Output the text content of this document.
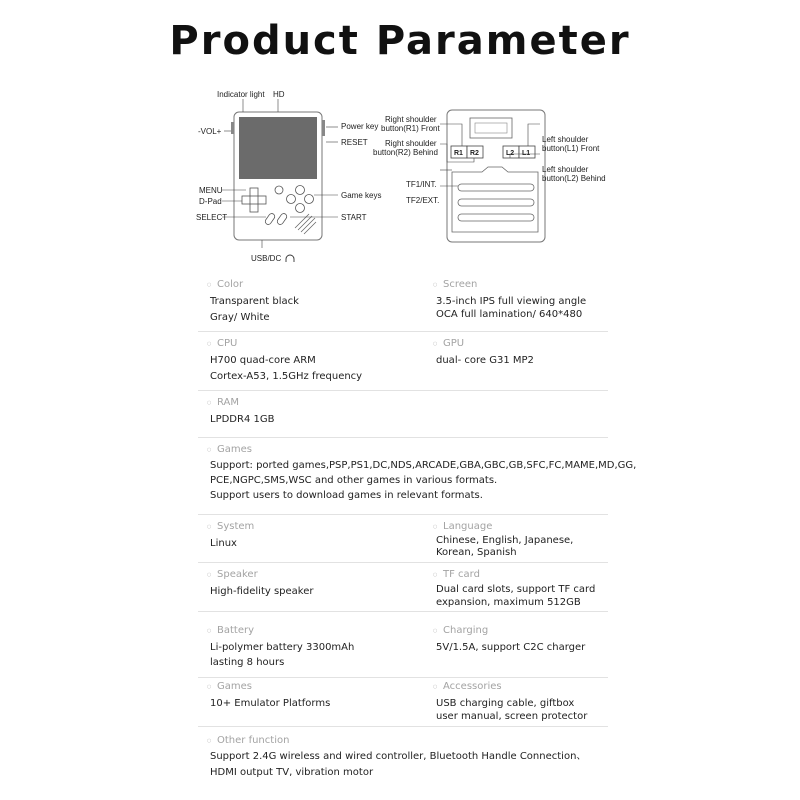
Product Parameter
Indicator light HD
-VOL+
Power key
RESET
MENU
D-Pad
SELECT
Game keys
START
USB/DC
R1 R2	L2 L1
Right shoulder
button(R1) Front
Right shoulder
button(R2) Behind
Left shoulder
button(L1) Front
Left shoulder
button(L2) Behind
TF1/INT.
TF2/EXT.
○ Color
Transparent black
Gray/ White
○ Screen
3.5-inch IPS full viewing angle
OCA full lamination/ 640*480
○ CPU
H700 quad-core ARM
Cortex-A53, 1.5GHz frequency
○ GPU
dual- core G31 MP2
○ RAM
LPDDR4 1GB
○ Games
Support: ported games,PSP,PS1,DC,NDS,ARCADE,GBA,GBC,GB,SFC,FC,MAME,MD,GG,
PCE,NGPC,SMS,WSC and other games in various formats.
Support users to download games in relevant formats.
○ System
Linux
○ Language
Chinese, English, Japanese,
Korean, Spanish
○ Speaker
High-fidelity speaker
○ TF card
Dual card slots, support TF card
expansion, maximum 512GB
○ Battery
Li-polymer battery 3300mAh
lasting 8 hours
○ Charging
5V/1.5A, support C2C charger
○ Games
10+ Emulator Platforms
○ Accessories
USB charging cable, giftbox
user manual, screen protector
○ Other function
Support 2.4G wireless and wired controller, Bluetooth Handle Connection、
HDMI output TV, vibration motor
